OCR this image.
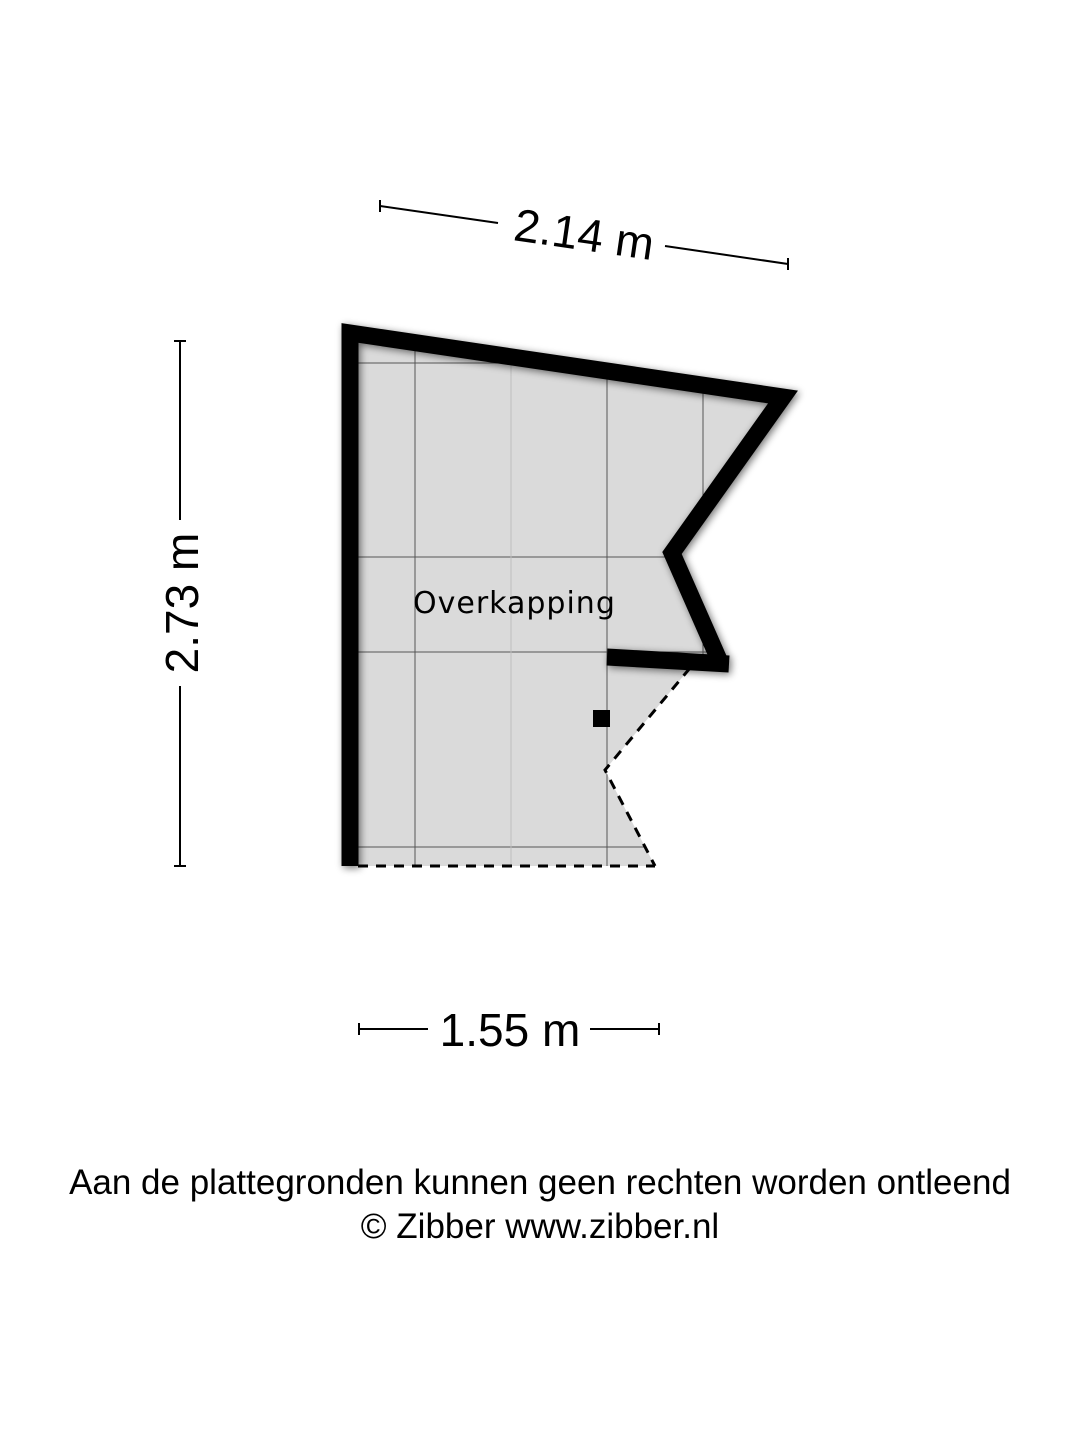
Overkapping
2.14 m
2.73 m
1.55 m
Aan de plattegronden kunnen geen rechten worden ontleend
© Zibber www.zibber.nl
